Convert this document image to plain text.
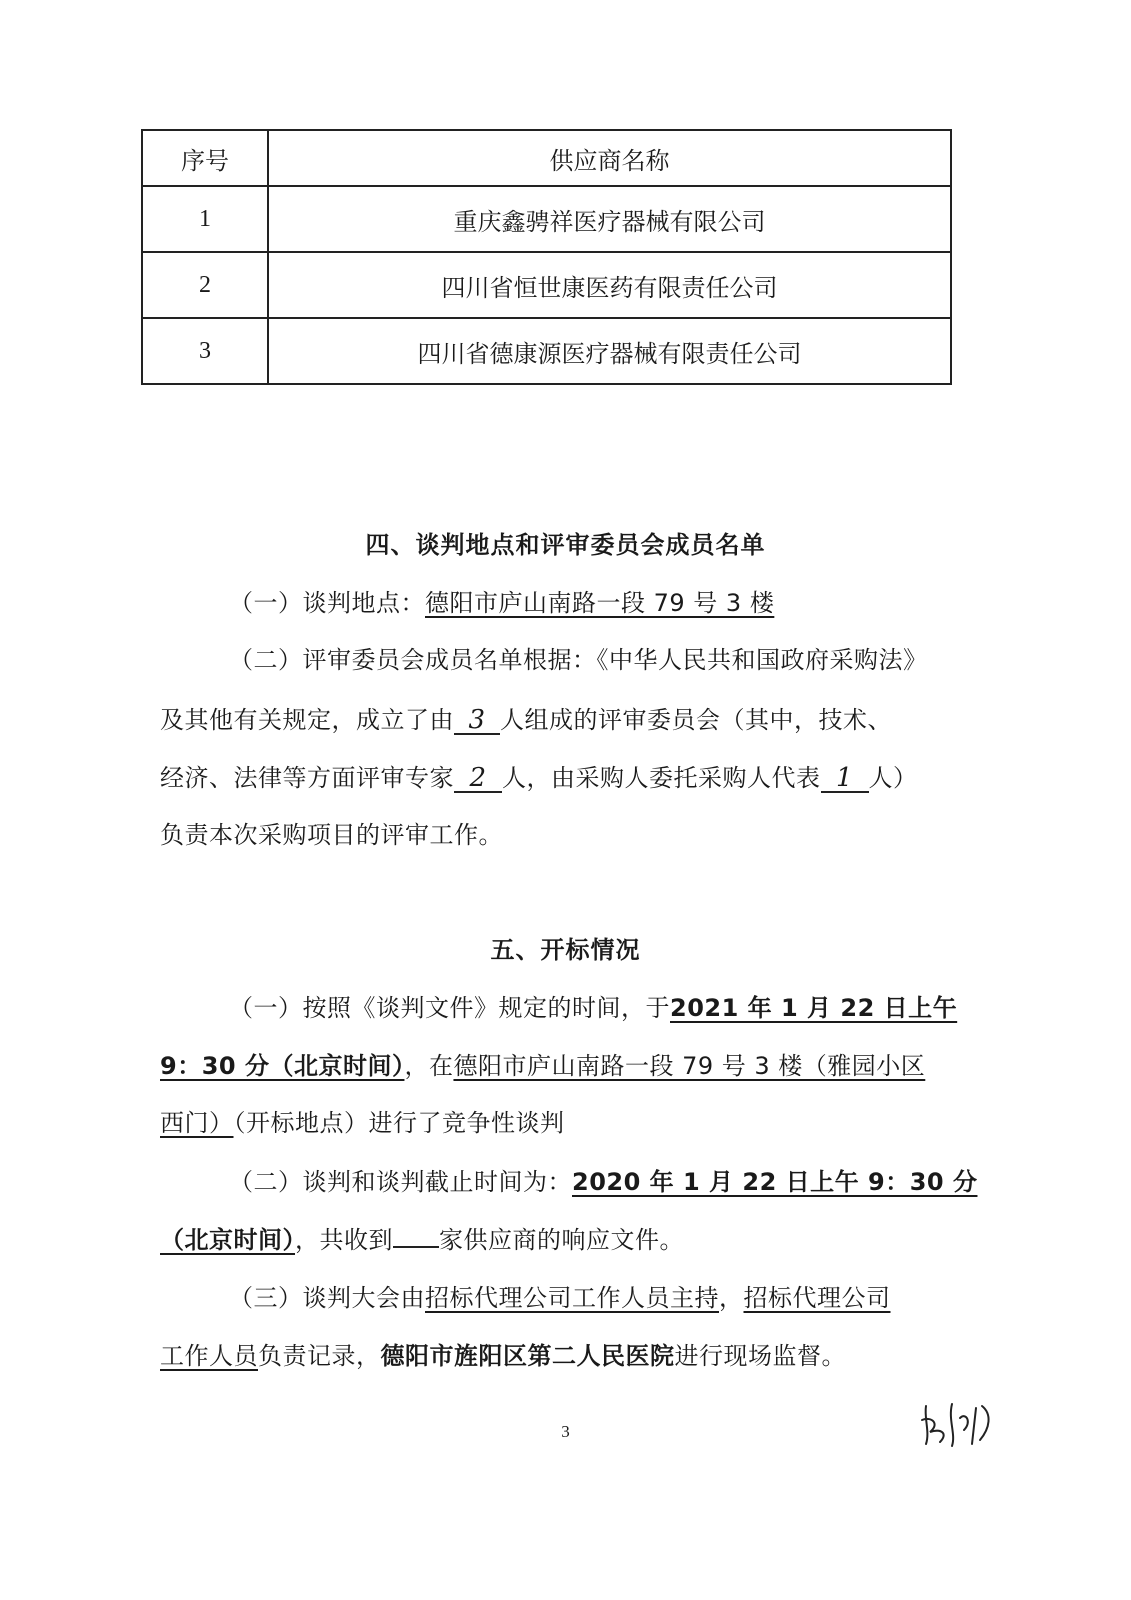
序号	供应商名称
1	重庆鑫骋祥医疗器械有限公司
2	四川省恒世康医药有限责任公司
3	四川省德康源医疗器械有限责任公司
四、谈判地点和评审委员会成员名单
（一）谈判地点：德阳市庐山南路一段 79 号 3 楼
（二）评审委员会成员名单根据：《中华人民共和国政府采购法》
及其他有关规定，成立了由 3 人组成的评审委员会（其中，技术、
经济、法律等方面评审专家 2 人，由采购人委托采购人代表 1 人）
负责本次采购项目的评审工作。
五、开标情况
（一）按照《谈判文件》规定的时间，于2021 年 1 月 22 日上午
9：30 分（北京时间），在德阳市庐山南路一段 79 号 3 楼（雅园小区
西门）（开标地点）进行了竞争性谈判
（二）谈判和谈判截止时间为：2020 年 1 月 22 日上午 9：30 分
（北京时间），共收到 家供应商的响应文件。
（三）谈判大会由招标代理公司工作人员主持，招标代理公司
工作人员负责记录，德阳市旌阳区第二人民医院进行现场监督。
3
